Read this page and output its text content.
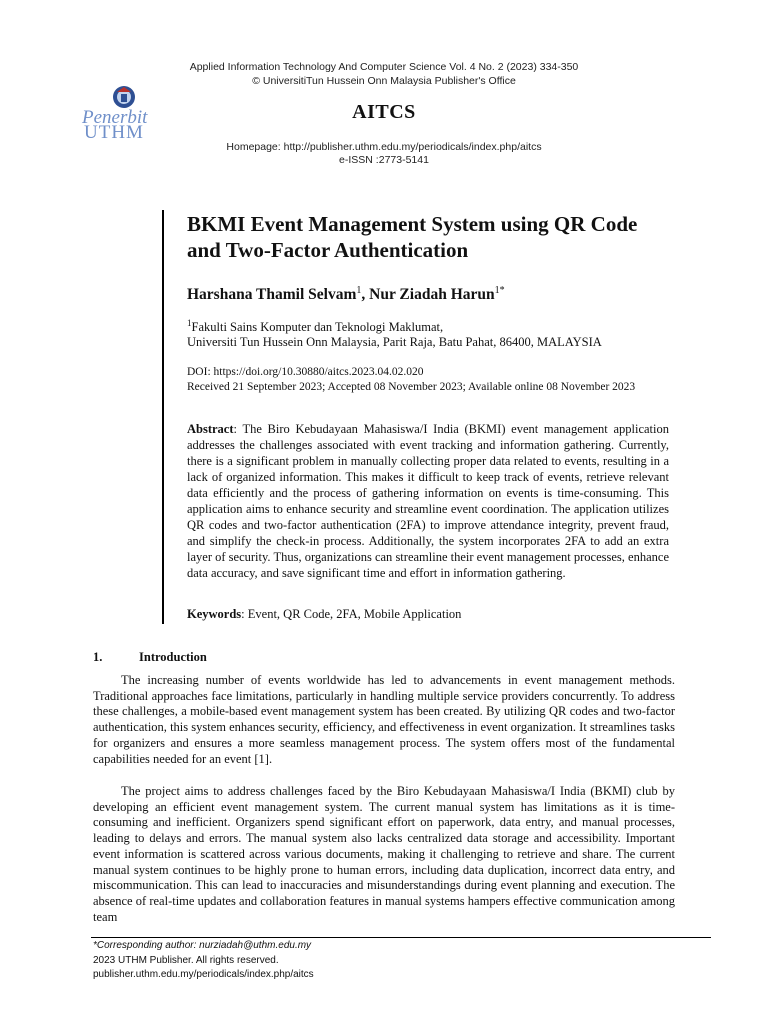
Applied Information Technology And Computer Science Vol. 4 No. 2 (2023) 334-350
© UniversitiTun Hussein Onn Malaysia Publisher's Office
Penerbit
UTHM
AITCS
Homepage: http://publisher.uthm.edu.my/periodicals/index.php/aitcs
e-ISSN :2773-5141
BKMI Event Management System using QR Code and Two-Factor Authentication
Harshana Thamil Selvam$^1$, Nur Ziadah Harun$^{1*}$
$^1$Fakulti Sains Komputer dan Teknologi Maklumat,
Universiti Tun Hussein Onn Malaysia, Parit Raja, Batu Pahat, 86400, MALAYSIA
DOI: https://doi.org/10.30880/aitcs.2023.04.02.020
Received 21 September 2023; Accepted 08 November 2023; Available online 08 November 2023
Abstract: The Biro Kebudayaan Mahasiswa/I India (BKMI) event management application addresses the challenges associated with event tracking and information gathering. Currently, there is a significant problem in manually collecting proper data related to events, resulting in a lack of organized information. This makes it difficult to keep track of events, retrieve relevant data efficiently and the process of gathering information on events is time-consuming. This application aims to enhance security and streamline event coordination. The application utilizes QR codes and two-factor authentication (2FA) to improve attendance integrity, prevent fraud, and simplify the check-in process. Additionally, the system incorporates 2FA to add an extra layer of security. Thus, organizations can streamline their event management processes, enhance data accuracy, and save significant time and effort in information gathering.
Keywords: Event, QR Code, 2FA, Mobile Application
1.	Introduction
The increasing number of events worldwide has led to advancements in event management methods. Traditional approaches face limitations, particularly in handling multiple service providers concurrently. To address these challenges, a mobile-based event management system has been created. By utilizing QR codes and two-factor authentication, this system enhances security, efficiency, and effectiveness in event organization. It streamlines tasks for organizers and ensures a more seamless management process. The system offers most of the fundamental capabilities needed for an event [1].
The project aims to address challenges faced by the Biro Kebudayaan Mahasiswa/I India (BKMI) club by developing an efficient event management system. The current manual system has limitations as it is time-consuming and inefficient. Organizers spend significant effort on paperwork, data entry, and manual processes, leading to delays and errors. The manual system also lacks centralized data storage and accessibility. Important event information is scattered across various documents, making it challenging to retrieve and share. The current manual system continues to be highly prone to human errors, including data duplication, incorrect data entry, and miscommunication. This can lead to inaccuracies and misunderstandings during event planning and execution. The absence of real-time updates and collaboration features in manual systems hampers effective communication among team
*Corresponding author: nurziadah@uthm.edu.my
2023 UTHM Publisher. All rights reserved.
publisher.uthm.edu.my/periodicals/index.php/aitcs
